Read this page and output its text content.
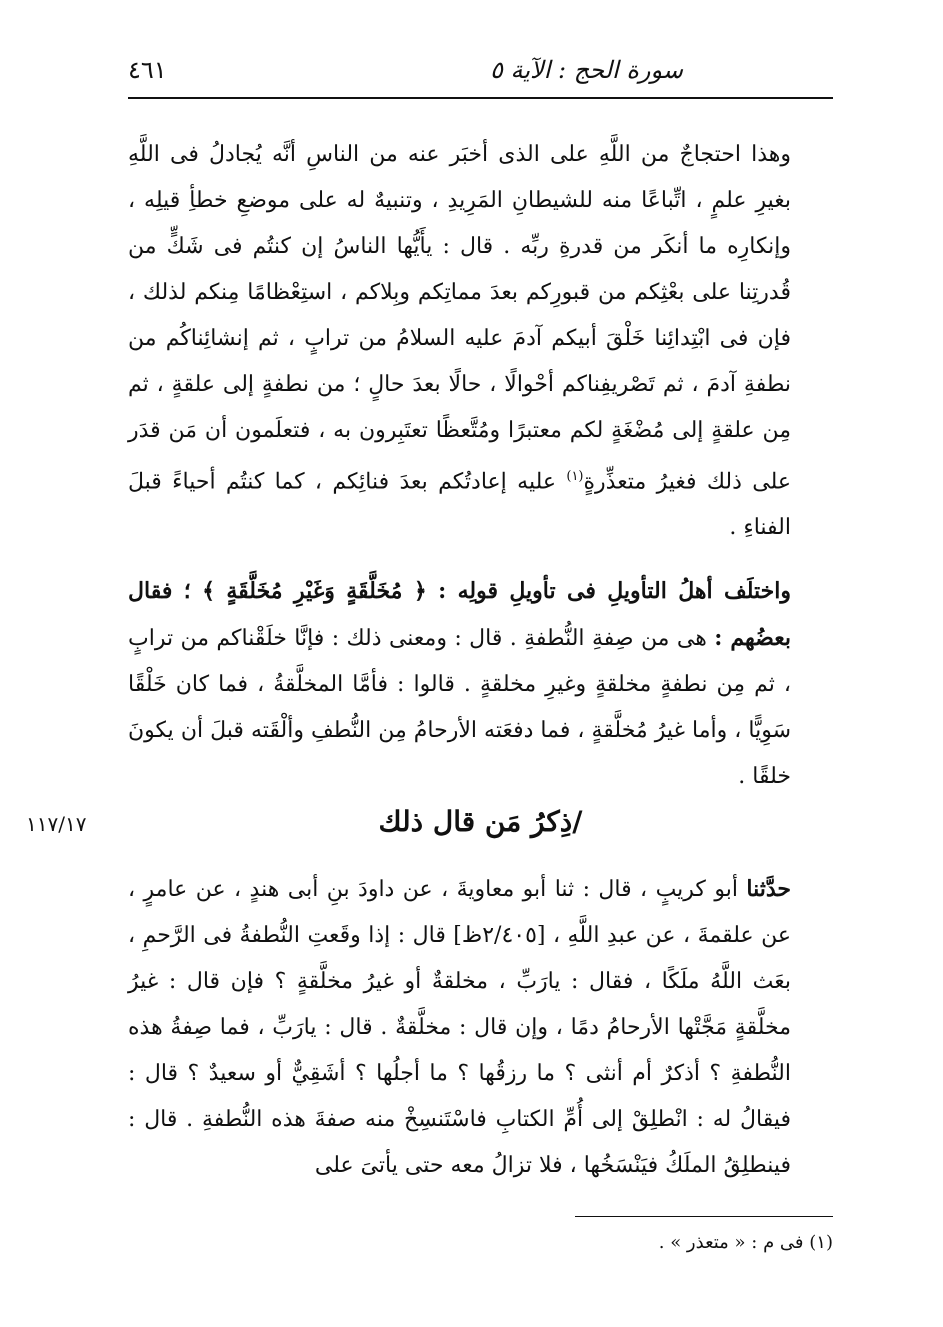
سورة الحج : الآية ٥
٤٦١

وهذا احتجاجٌ من اللَّهِ على الذى أخبَر عنه من الناسِ أنَّه يُجادلُ فى اللَّهِ بغيرِ علمٍ ، اتِّباعًا منه للشيطانِ المَرِيدِ ، وتنبيهٌ له على موضعِ خطأِ قيلِه ، وإنكارِه ما أنكَر من قدرةِ ربِّه . قال : يأَيُّها الناسُ إن كنتُم فى شَكٍّ من قُدرتِنا على بعْثِكم من قبورِكم بعدَ مماتِكم وبِلاكم ، استِعْظامًا مِنكم لذلك ، فإن فى ابْتِدائِنا خَلْقَ أبيكم آدمَ عليه السلامُ من ترابٍ ، ثم إنشائِناكُم من نطفةِ آدمَ ، ثم تَصْريفِناكم أحْوالًا ، حالًا بعدَ حالٍ ؛ من نطفةٍ إلى علقةٍ ، ثم مِن علقةٍ إلى مُضْغَةٍ لكم معتبرًا ومُتَّعظًا تعتَبِرون به ، فتعلَمون أن مَن قدَر على ذلك فغيرُ متعذِّرةٍ$^{(١)}$ عليه إعادتُكم بعدَ فنائِكم ، كما كنتُم أحياءً قبلَ الفناءِ .

واختلَف أهلُ التأويلِ فى تأويلِ قولِه : ﴿ مُخَلَّقَةٍ وَغَيْرِ مُخَلَّقَةٍ ﴾ ؛ فقال بعضُهم : هى من صِفةِ النُّطفةِ . قال : ومعنى ذلك : فإنَّا خلَقْناكم من ترابٍ ، ثم مِن نطفةٍ مخلقةٍ وغيرِ مخلقةٍ . قالوا : فأمَّا المخلَّقةُ ، فما كان خَلْقًا سَوِيًّا ، وأما غيرُ مُخلَّقةٍ ، فما دفعَته الأرحامُ مِن النُّطفِ وألْقَته قبلَ أن يكونَ خلقًا .

/ذِكرُ مَن قال ذلك
١١٧/١٧

حدَّثنا أبو كريبٍ ، قال : ثنا أبو معاويةَ ، عن داودَ بنِ أبى هندٍ ، عن عامرٍ ، عن علقمةَ ، عن عبدِ اللَّهِ ، [٢/٤٠٥ظ] قال : إذا وقَعتِ النُّطفةُ فى الرَّحمِ ، بعَث اللَّهُ ملَكًا ، فقال : يارَبِّ ، مخلقةٌ أو غيرُ مخلَّقةٍ ؟ فإن قال : غيرُ مخلَّقةٍ مَجَّتْها الأرحامُ دمًا ، وإن قال : مخلَّقةٌ . قال : يارَبِّ ، فما صِفةُ هذه النُّطفةِ ؟ أذكرٌ أم أنثى ؟ ما رزقُها ؟ ما أجلُها ؟ أشَقِيٌّ أو سعيدٌ ؟ قال : فيقالُ له : انْطلِقْ إلى أُمِّ الكتابِ فاسْتَنسِخْ منه صفةَ هذه النُّطفةِ . قال : فينطلِقُ الملَكُ فيَنْسَخُها ، فلا تزالُ معه حتى يأتىَ على

(١) فى م : « متعذر » .
